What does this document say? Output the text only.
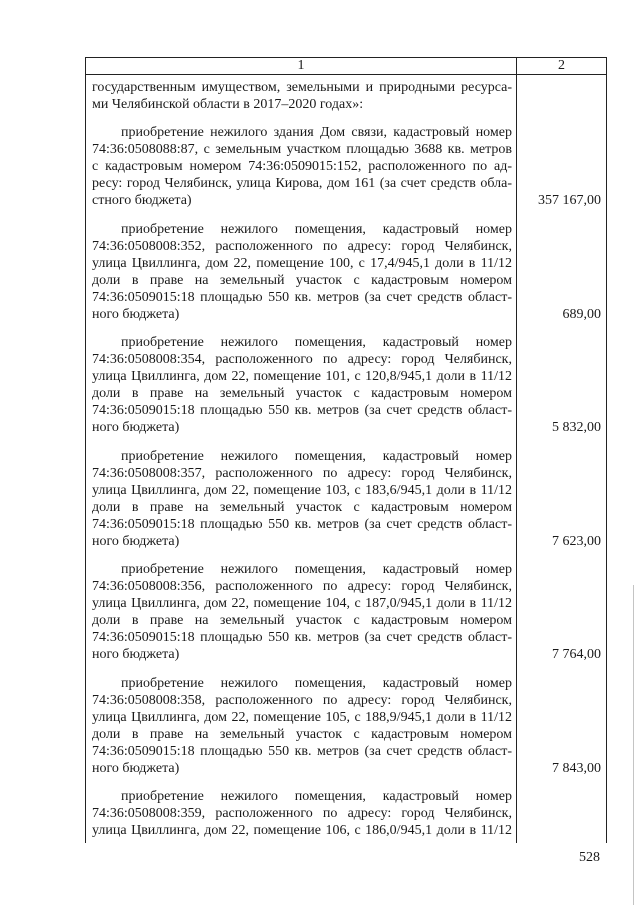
1	2
государственным имуществом, земельными и природными ресурса-
ми Челябинской области в 2017–2020 годах»:
приобретение нежилого здания Дом связи, кадастровый номер
74:36:0508088:87, с земельным участком площадью 3688 кв. метров
с кадастровым номером 74:36:0509015:152, расположенного по ад-
ресу: город Челябинск, улица Кирова, дом 161 (за счет средств обла-
стного бюджета)	357 167,00
приобретение нежилого помещения, кадастровый номер
74:36:0508008:352, расположенного по адресу: город Челябинск,
улица Цвиллинга, дом 22, помещение 100, с 17,4/945,1 доли в 11/12
доли в праве на земельный участок с кадастровым номером
74:36:0509015:18 площадью 550 кв. метров (за счет средств област-
ного бюджета)	689,00
приобретение нежилого помещения, кадастровый номер
74:36:0508008:354, расположенного по адресу: город Челябинск,
улица Цвиллинга, дом 22, помещение 101, с 120,8/945,1 доли в 11/12
доли в праве на земельный участок с кадастровым номером
74:36:0509015:18 площадью 550 кв. метров (за счет средств област-
ного бюджета)	5 832,00
приобретение нежилого помещения, кадастровый номер
74:36:0508008:357, расположенного по адресу: город Челябинск,
улица Цвиллинга, дом 22, помещение 103, с 183,6/945,1 доли в 11/12
доли в праве на земельный участок с кадастровым номером
74:36:0509015:18 площадью 550 кв. метров (за счет средств област-
ного бюджета)	7 623,00
приобретение нежилого помещения, кадастровый номер
74:36:0508008:356, расположенного по адресу: город Челябинск,
улица Цвиллинга, дом 22, помещение 104, с 187,0/945,1 доли в 11/12
доли в праве на земельный участок с кадастровым номером
74:36:0509015:18 площадью 550 кв. метров (за счет средств област-
ного бюджета)	7 764,00
приобретение нежилого помещения, кадастровый номер
74:36:0508008:358, расположенного по адресу: город Челябинск,
улица Цвиллинга, дом 22, помещение 105, с 188,9/945,1 доли в 11/12
доли в праве на земельный участок с кадастровым номером
74:36:0509015:18 площадью 550 кв. метров (за счет средств област-
ного бюджета)	7 843,00
приобретение нежилого помещения, кадастровый номер
74:36:0508008:359, расположенного по адресу: город Челябинск,
улица Цвиллинга, дом 22, помещение 106, с 186,0/945,1 доли в 11/12
528
